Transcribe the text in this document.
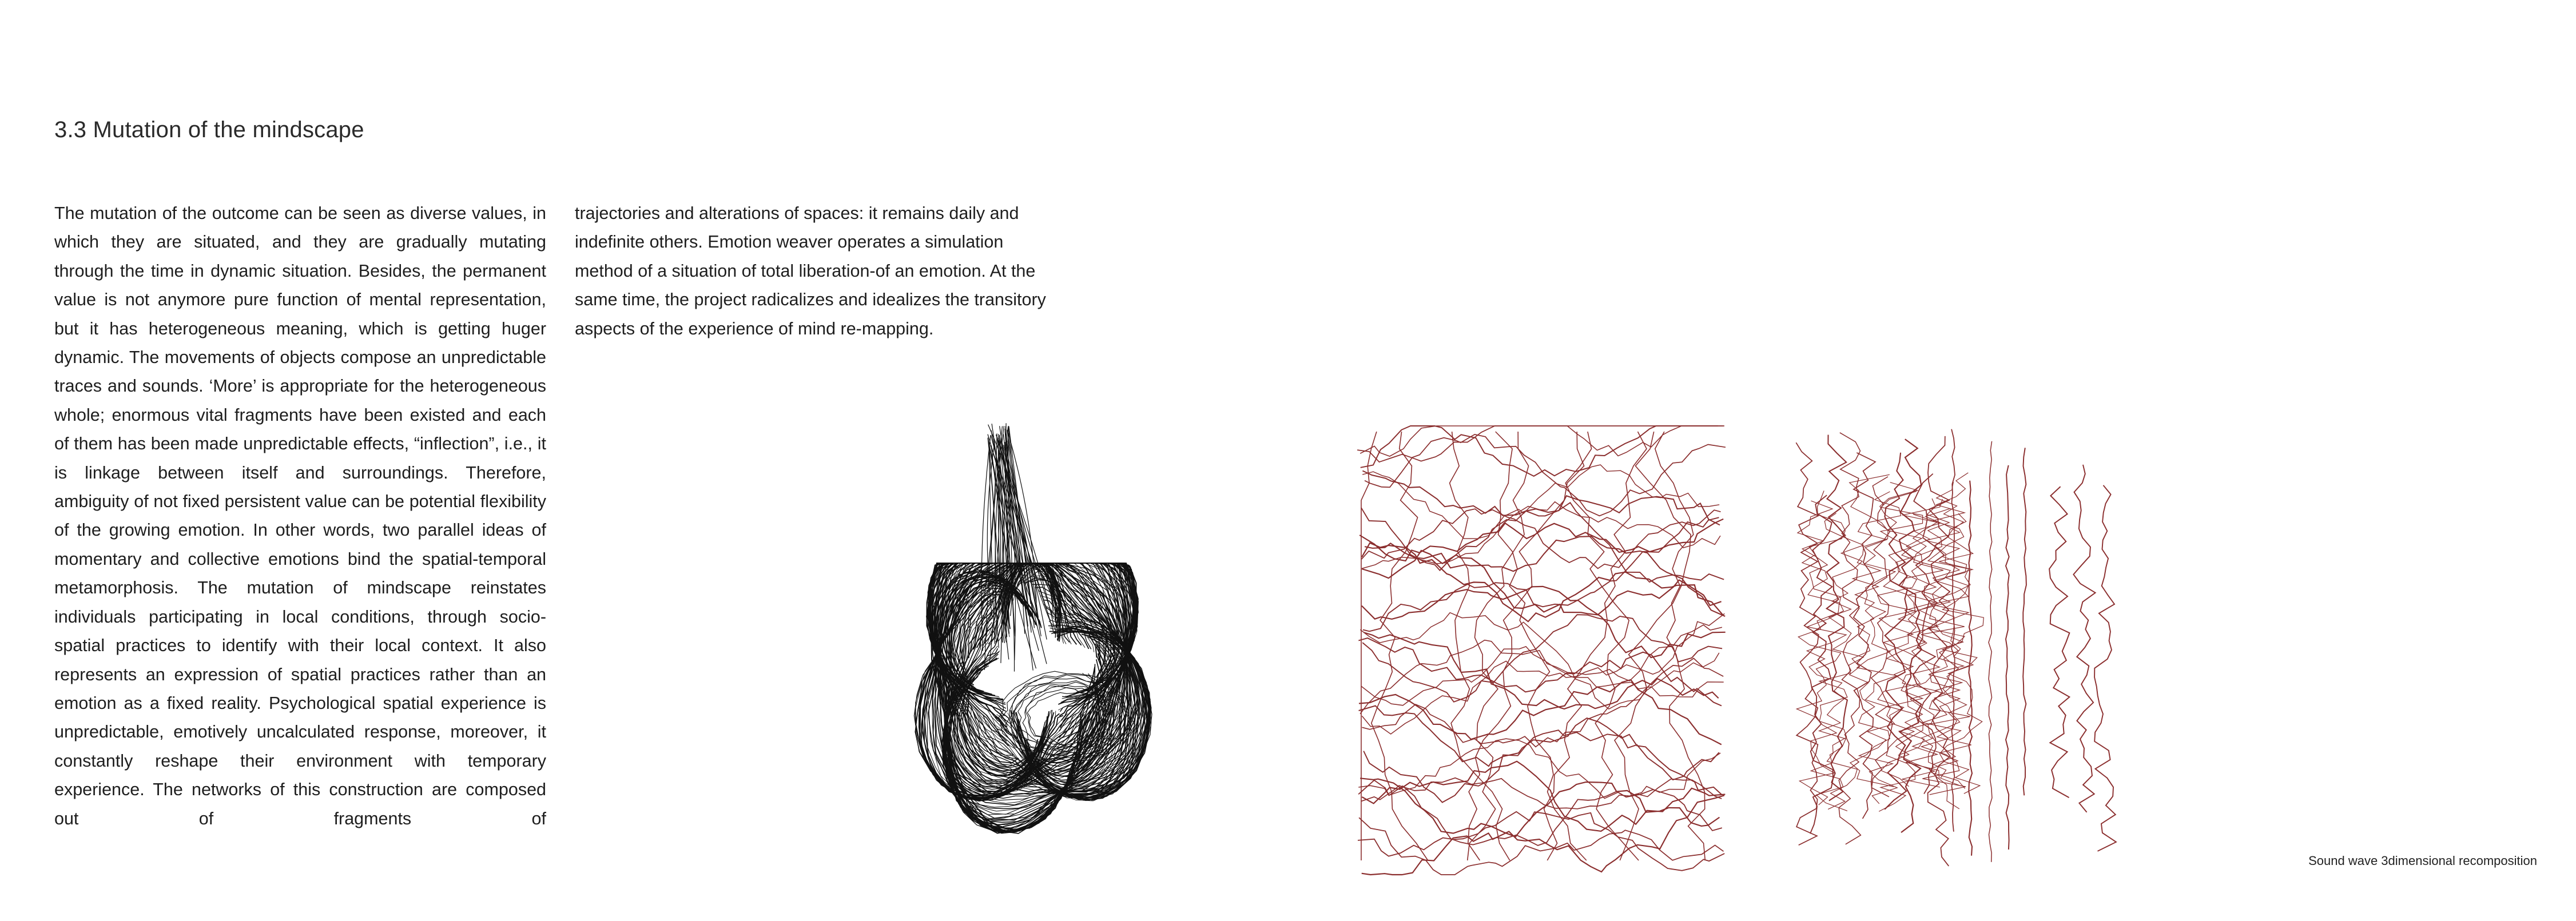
3.3 Mutation of the mindscape

The mutation of the outcome can be seen as diverse values, in which they are situated, and they are gradually mutating through the time in dynamic situation. Besides, the permanent value is not anymore pure function of mental representation, but it has heterogeneous meaning, which is getting huger dynamic. The movements of objects compose an unpredictable traces and sounds. ‘More’ is appropriate for the heterogeneous whole; enormous vital fragments have been existed and each of them has been made unpredictable effects, “inflection”, i.e., it is linkage between itself and surroundings. Therefore, ambiguity of not fixed persistent value can be potential flexibility of the growing emotion. In other words, two parallel ideas of momentary and collective emotions bind the spatial-temporal metamorphosis. The mutation of mindscape reinstates individuals participating in local conditions, through socio-spatial practices to identify with their local context. It also represents an expression of spatial practices rather than an emotion as a fixed reality. Psychological spatial experience is unpredictable, emotively uncalculated response, moreover, it constantly reshape their environment with temporary experience. The networks of this construction are composed out of fragments of

trajectories and alterations of spaces: it remains daily and indefinite others. Emotion weaver operates a simulation method of a situation of total liberation-of an emotion. At the same time, the project radicalizes and idealizes the transitory aspects of the experience of mind re-mapping.

Sound wave 3dimensional recomposition
